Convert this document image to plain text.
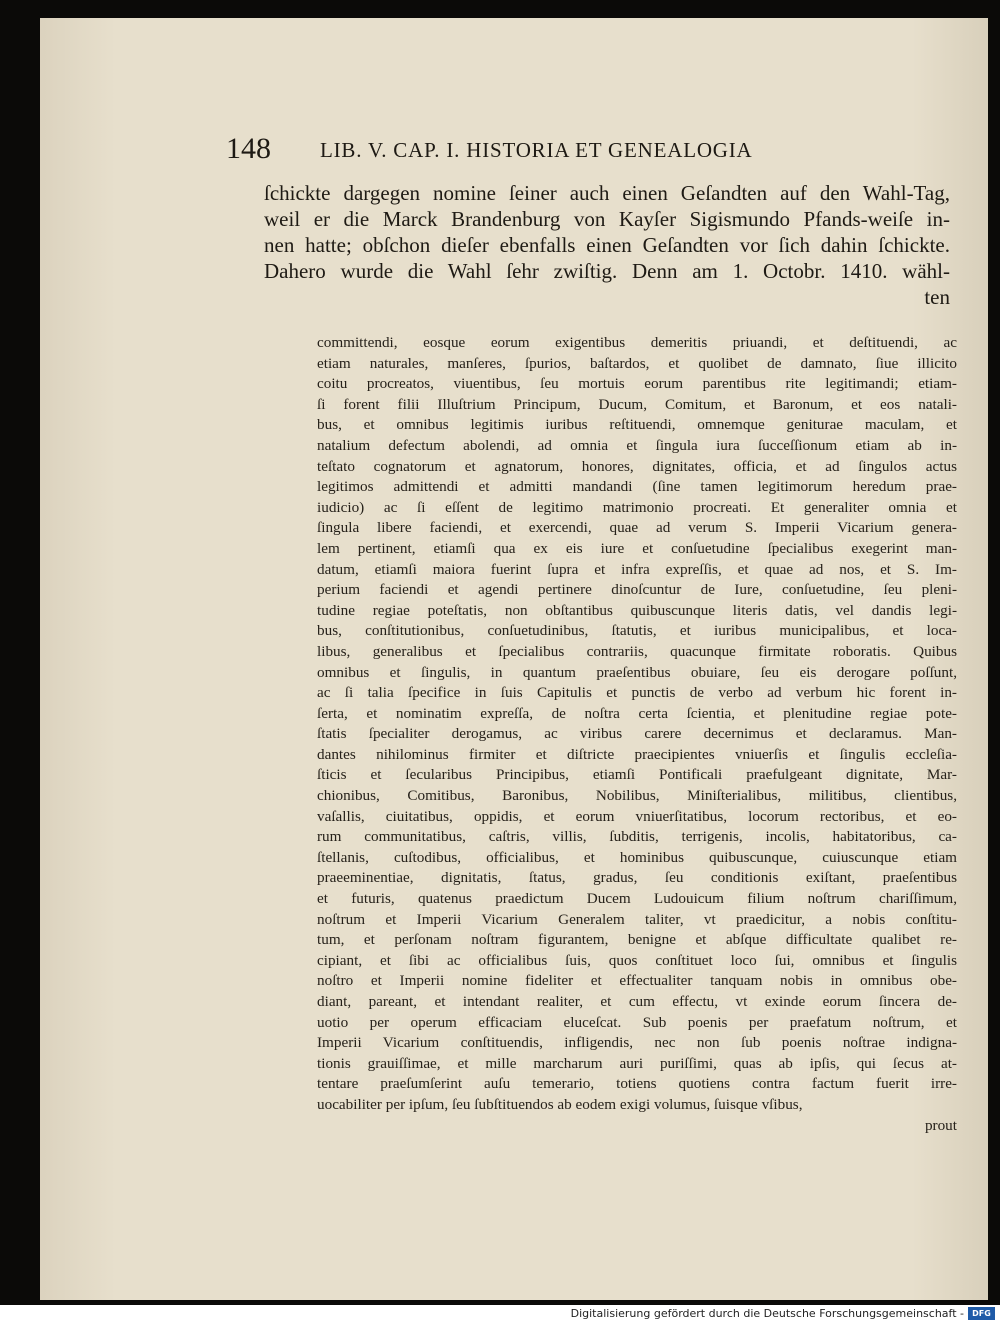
148 LIB. V. CAP. I. HISTORIA ET GENEALOGIA
ſchickte dargegen nomine ſeiner auch einen Geſandten auf den Wahl-Tag,
weil er die Marck Brandenburg von Kayſer Sigismundo Pfands-weiſe in-
nen hatte; obſchon dieſer ebenfalls einen Geſandten vor ſich dahin ſchickte.
Dahero wurde die Wahl ſehr zwiſtig. Denn am 1. Octobr. 1410. wähl-
ten
committendi, eosque eorum exigentibus demeritis priuandi, et deſtituendi, ac
etiam naturales, manſeres, ſpurios, baſtardos, et quolibet de damnato, ſiue illicito
coitu procreatos, viuentibus, ſeu mortuis eorum parentibus rite legitimandi; etiam-
ſi forent filii Illuſtrium Principum, Ducum, Comitum, et Baronum, et eos natali-
bus, et omnibus legitimis iuribus reſtituendi, omnemque geniturae maculam, et
natalium defectum abolendi, ad omnia et ſingula iura ſucceſſionum etiam ab in-
teſtato cognatorum et agnatorum, honores, dignitates, officia, et ad ſingulos actus
legitimos admittendi et admitti mandandi (ſine tamen legitimorum heredum prae-
iudicio) ac ſi eſſent de legitimo matrimonio procreati. Et generaliter omnia et
ſingula libere faciendi, et exercendi, quae ad verum S. Imperii Vicarium genera-
lem pertinent, etiamſi qua ex eis iure et conſuetudine ſpecialibus exegerint man-
datum, etiamſi maiora fuerint ſupra et infra expreſſis, et quae ad nos, et S. Im-
perium faciendi et agendi pertinere dinoſcuntur de Iure, conſuetudine, ſeu pleni-
tudine regiae poteſtatis, non obſtantibus quibuscunque literis datis, vel dandis legi-
bus, conſtitutionibus, conſuetudinibus, ſtatutis, et iuribus municipalibus, et loca-
libus, generalibus et ſpecialibus contrariis, quacunque firmitate roboratis. Quibus
omnibus et ſingulis, in quantum praeſentibus obuiare, ſeu eis derogare poſſunt,
ac ſi talia ſpecifice in ſuis Capitulis et punctis de verbo ad verbum hic forent in-
ſerta, et nominatim expreſſa, de noſtra certa ſcientia, et plenitudine regiae pote-
ſtatis ſpecialiter derogamus, ac viribus carere decernimus et declaramus. Man-
dantes nihilominus firmiter et diſtricte praecipientes vniuerſis et ſingulis eccleſia-
ſticis et ſecularibus Principibus, etiamſi Pontificali praefulgeant dignitate, Mar-
chionibus, Comitibus, Baronibus, Nobilibus, Miniſterialibus, militibus, clientibus,
vaſallis, ciuitatibus, oppidis, et eorum vniuerſitatibus, locorum rectoribus, et eo-
rum communitatibus, caſtris, villis, ſubditis, terrigenis, incolis, habitatoribus, ca-
ſtellanis, cuſtodibus, officialibus, et hominibus quibuscunque, cuiuscunque etiam
praeeminentiae, dignitatis, ſtatus, gradus, ſeu conditionis exiſtant, praeſentibus
et futuris, quatenus praedictum Ducem Ludouicum filium noſtrum chariſſimum,
noſtrum et Imperii Vicarium Generalem taliter, vt praedicitur, a nobis conſtitu-
tum, et perſonam noſtram figurantem, benigne et abſque difficultate qualibet re-
cipiant, et ſibi ac officialibus ſuis, quos conſtituet loco ſui, omnibus et ſingulis
noſtro et Imperii nomine fideliter et effectualiter tanquam nobis in omnibus obe-
diant, pareant, et intendant realiter, et cum effectu, vt exinde eorum ſincera de-
uotio per operum efficaciam eluceſcat. Sub poenis per praefatum noſtrum, et
Imperii Vicarium conſtituendis, infligendis, nec non ſub poenis noſtrae indigna-
tionis grauiſſimae, et mille marcharum auri puriſſimi, quas ab ipſis, qui ſecus at-
tentare praeſumſerint auſu temerario, totiens quotiens contra factum fuerit irre-
uocabiliter per ipſum, ſeu ſubſtituendos ab eodem exigi volumus, ſuisque vſibus,
prout
Digitalisierung gefördert durch die Deutsche Forschungsgemeinschaft -	DFG
